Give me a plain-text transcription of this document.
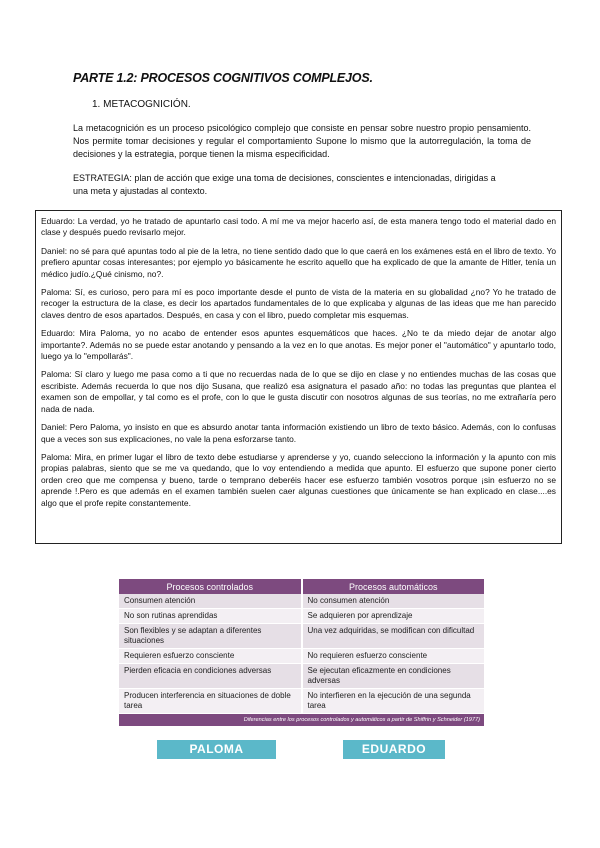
PARTE 1.2: PROCESOS COGNITIVOS COMPLEJOS.
1. METACOGNICIÓN.
La metacognición es un proceso psicológico complejo que consiste en pensar sobre nuestro propio pensamiento. Nos permite tomar decisiones y regular el comportamiento Supone lo mismo que la autorregulación, la toma de decisiones y la estrategia, porque tienen la misma especificidad.
ESTRATEGIA: plan de acción que exige una toma de decisiones, conscientes e intencionadas, dirigidas a una meta y ajustadas al contexto.

Eduardo: La verdad, yo he tratado de apuntarlo casi todo. A mí me va mejor hacerlo así, de esta manera tengo todo el material dado en clase y después puedo revisarlo mejor.

Daniel: no sé para qué apuntas todo al pie de la letra, no tiene sentido dado que lo que caerá en los exámenes está en el libro de texto. Yo prefiero apuntar cosas interesantes; por ejemplo yo básicamente he escrito aquello que ha explicado de que la amante de Hitler, tenía un médico judío.¿Qué cinismo, no?.

Paloma: Sí, es curioso, pero para mí es poco importante desde el punto de vista de la materia en su globalidad ¿no? Yo he tratado de recoger la estructura de la clase, es decir los apartados fundamentales de lo que explicaba y algunas de las ideas que me han parecido claves dentro de esos apartados. Después, en casa y con el libro, puedo completar mis esquemas.

Eduardo: Mira Paloma, yo no acabo de entender esos apuntes esquemáticos que haces. ¿No te da miedo dejar de anotar algo importante?. Además no se puede estar anotando y pensando a la vez en lo que anotas. Es mejor poner el "automático" y apuntarlo todo, luego ya lo "empollarás".

Paloma: Sí claro y luego me pasa como a ti que no recuerdas nada de lo que se dijo en clase y no entiendes muchas de las cosas que escribiste. Además recuerda lo que nos dijo Susana, que realizó esa asignatura el pasado año: no todas las preguntas que plantea el examen son de empollar, y tal como es el profe, con lo que le gusta discutir con nosotros algunas de sus teorías, no me extrañaría pero nada de nada.

Daniel: Pero Paloma, yo insisto en que es absurdo anotar tanta información existiendo un libro de texto básico. Además, con lo confusas que a veces son sus explicaciones, no vale la pena esforzarse tanto.

Paloma: Mira, en primer lugar el libro de texto debe estudiarse y aprenderse y yo, cuando selecciono la información y la apunto con mis propias palabras, siento que se me va quedando, que lo voy entendiendo a medida que apunto. El esfuerzo que supone poner cierto orden creo que me compensa y bueno, tarde o temprano deberéis hacer ese esfuerzo también vosotros porque ¡sin esfuerzo no se aprende !.Pero es que además en el examen también suelen caer algunas cuestiones que únicamente se han explicado en clase....es algo que el profe repite constantemente.

Procesos controlados	Procesos automáticos
Consumen atención	No consumen atención
No son rutinas aprendidas	Se adquieren por aprendizaje
Son flexibles y se adaptan a diferentes situaciones	Una vez adquiridas, se modifican con dificultad
Requieren esfuerzo consciente	No requieren esfuerzo consciente
Pierden eficacia en condiciones adversas	Se ejecutan eficazmente en condiciones adversas
Producen interferencia en situaciones de doble tarea	No interfieren en la ejecución de una segunda tarea
Diferencias entre los procesos controlados y automáticos a partir de Shiffrin y Schneider (1977)
PALOMA	EDUARDO
